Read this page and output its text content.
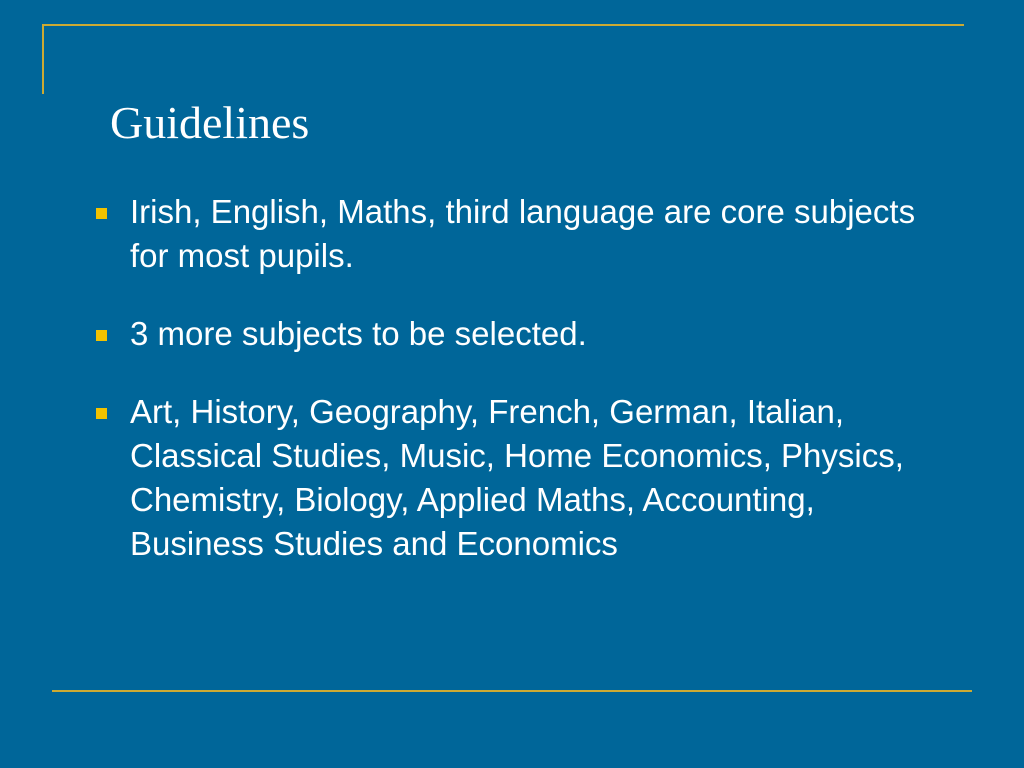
Guidelines
Irish, English, Maths, third language are core subjects for most pupils.
3 more subjects to be selected.
Art, History, Geography, French, German, Italian, Classical Studies, Music, Home Economics, Physics, Chemistry, Biology, Applied Maths, Accounting, Business Studies and Economics
